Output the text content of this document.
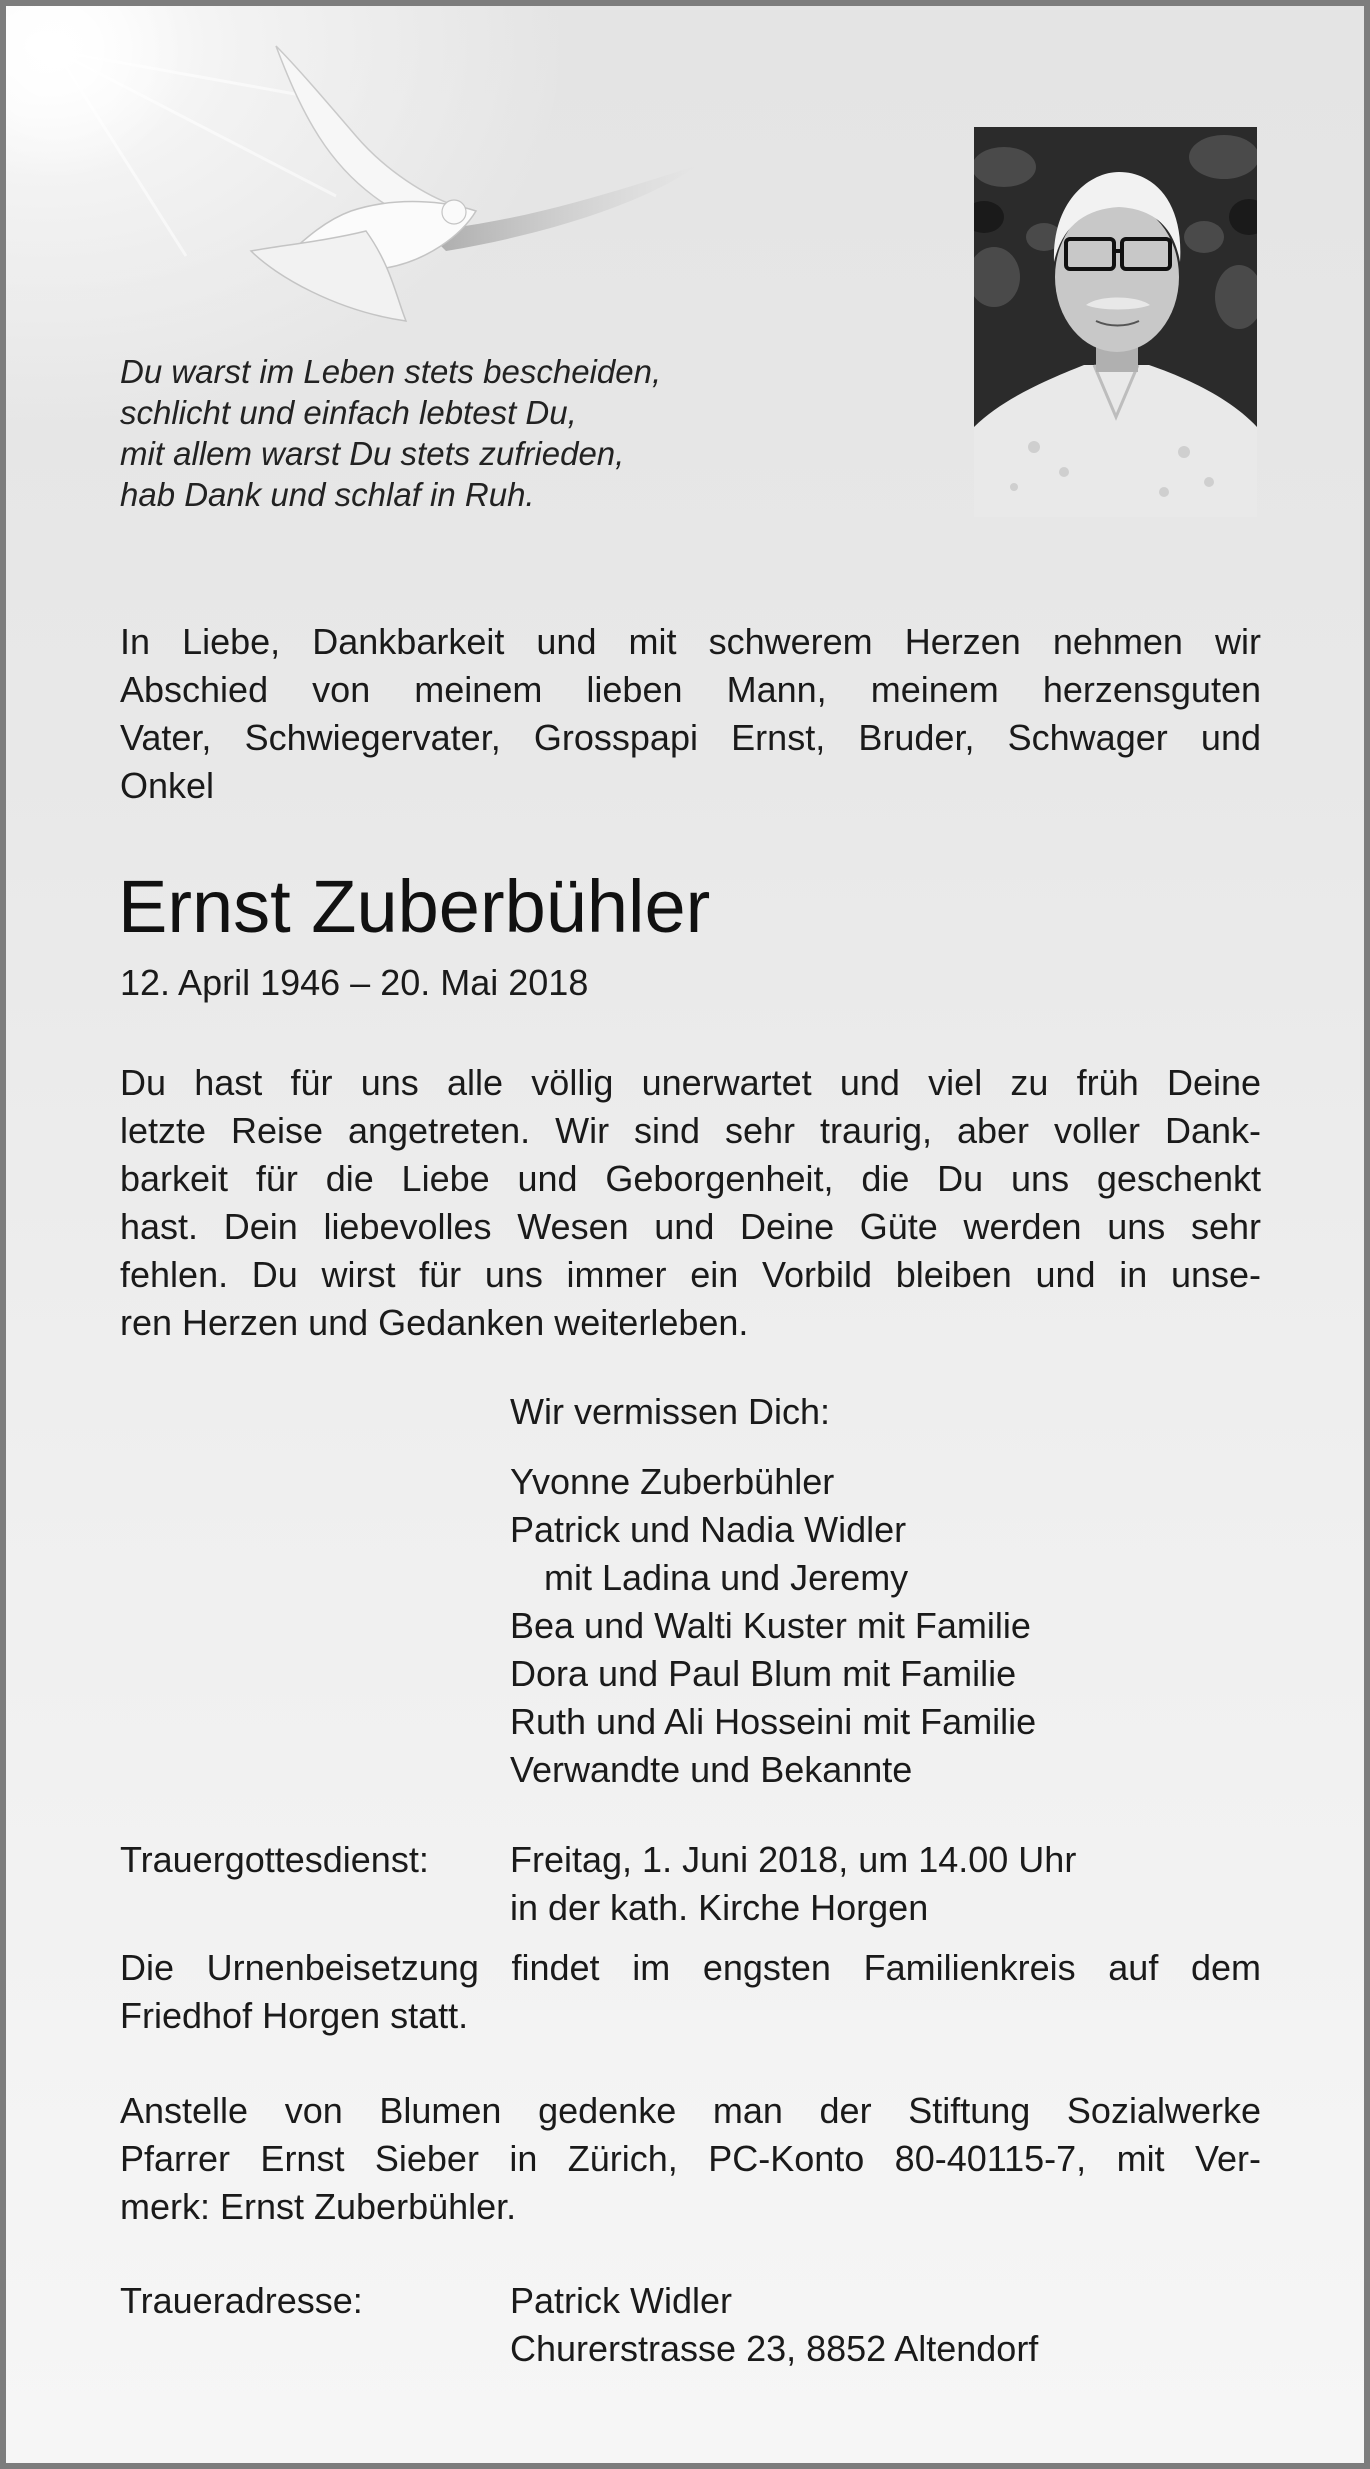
Du warst im Leben stets bescheiden,
schlicht und einfach lebtest Du,
mit allem warst Du stets zufrieden,
hab Dank und schlaf in Ruh.
In Liebe, Dankbarkeit und mit schwerem Herzen nehmen wir
Abschied von meinem lieben Mann, meinem herzensguten
Vater, Schwiegervater, Grosspapi Ernst, Bruder, Schwager und
Onkel
Ernst Zuberbühler
12. April 1946 – 20. Mai 2018
Du hast für uns alle völlig unerwartet und viel zu früh Deine
letzte Reise angetreten. Wir sind sehr traurig, aber voller Dank-
barkeit für die Liebe und Geborgenheit, die Du uns geschenkt
hast. Dein liebevolles Wesen und Deine Güte werden uns sehr
fehlen. Du wirst für uns immer ein Vorbild bleiben und in unse-
ren Herzen und Gedanken weiterleben.
Wir vermissen Dich:
Yvonne Zuberbühler
Patrick und Nadia Widler
mit Ladina und Jeremy
Bea und Walti Kuster mit Familie
Dora und Paul Blum mit Familie
Ruth und Ali Hosseini mit Familie
Verwandte und Bekannte
Trauergottesdienst: Freitag, 1. Juni 2018, um 14.00 Uhr
in der kath. Kirche Horgen
Die Urnenbeisetzung findet im engsten Familienkreis auf dem
Friedhof Horgen statt.
Anstelle von Blumen gedenke man der Stiftung Sozialwerke
Pfarrer Ernst Sieber in Zürich, PC-Konto 80-40115-7, mit Ver-
merk: Ernst Zuberbühler.
Traueradresse:	Patrick Widler
Churerstrasse 23, 8852 Altendorf
